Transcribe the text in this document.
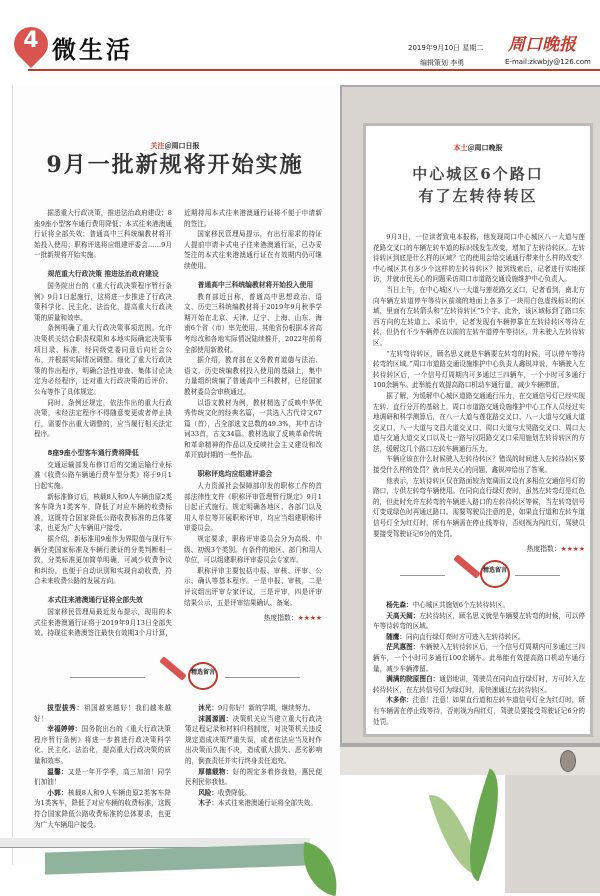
4 微生活	2019年9月10日 星期二 周口晚报
编辑策划 李勇	E-mail:zkwbjy@126.com
关注＠周口日报
9月一批新规将开始实施

据悉重大行政决策，推进法治政府建设；8座9座小型客车通行费用降低；本式往来港澳通行证将全部失效；普通高中三科统编教材将开始投入使用；职称评选将应组建评委会……9月一批新规将开始实施。

规范重大行政决策 推进法治政府建设

国务院出台的《重大行政决策程序暂行条例》9月1日起施行，这将进一步推进了行政决策科学化、民主化、法治化，提高重大行政决策的质量和效率。

条例明确了重大行政决策事项范围。允许决策机关结合职责权限和本地实际确定决策事项目录、标准，经同级党委同意后向社会公布，并根据实际情况调整。细化了重大行政决策的作出程序，明确合法性审查、集体讨论决定为必经程序，还对重大行政决策的后评价、公布等作了具体规定。

同时，条例还规定，依法作出的重大行政决策，未经法定程序不得随意变更或者停止执行，需要作出重大调整的，应当履行相关法定程序。

8座9座小型客车通行费将降低

交通运输部发布修订后的交通运输行业标准《收费公路车辆通行费车型分类》将于9月1日起实施。

新标准修订后，核载8人和9人车辆由原2类客车降为1类客车，降低了对应车辆的收费标准，这既符合国家降低公路收费标准的总体要求，也更为广大车辆用户接受。

据介绍，新标准用9座作为界限值与现行车辆分类国家标准及车辆行驶证的分类判断相一致，分类标准更加简单明确，可减少收费争议和纠纷，也便于自动识别和实现自动收费，符合未来收费公路的发展方向。

本式往来港澳通行证将全部失效

国家移民管理局最近发布提示，现用的本式往来港澳通行证将于2019年9月13日全部失效。持现往来港澳签注最快有效期3个月计算，近期持用本式往来港澳通行证将不便于申请新的签注。

国家移民管理局提示，有出行需求的持证人提前申请卡式电子往来港澳通行证，已办妥签注的本式往来港澳通行证在有效期内仍可继续使用。

普通高中三科统编教材将开始投入使用

教育部近日称，普通高中思想政治、语文、历史三科统编教材将于2019年9月秋季学期开始在北京、天津、辽宁、上海、山东、海南6个省（市）率先使用，其他省份根据本省高考综改和各地实际情况陆续推开，2022年前将全部使用新教材。

据介绍，教育部在义务教育道德与法治、语文、历史统编教材投入使用的基础上，集中力量组织统编了普通高中三科教材，已经国家教材委员会审核通过。

以语文教材为例，教材精选了反映中华优秀传统文化的经典名篇，一共选入古代诗文67篇（首），占全部选文总数的49.3%，其中古诗词33首，古文34篇。教材选取了反映革命传统和革命精神的作品以及反映社会主义建设和改革开放时期的一些作品。

职称评选均应组建评委会

人力资源社会保障部印发的职称工作的首部法律性文件《职称评审管理暂行规定》9月1日起正式施行。规定明确各地区、各部门以及用人单位等开展职称评审，均应当组建职称评审委员会。

规定要求，职称评审委员会分为高级、中级、初级3个类别。有条件的地区、部门和用人单位，可以组建职称评审委员会专家库。

职称评审主要包括申报、审核、评审、公示、确认等基本程序。一是申报、审核，二是评议组出评审专家评议，三是评审，四是评审结果公示，五是评审结果确认、备案。

热度指数：★★★★
精选留言

拔型拔秀：祖国越来越好！我们越来越好！

幸福婷婷：国务院出台的《重大行政决策程序暂行条例》将进一步推进行政决策科学化、民主化、法治化，提高重大行政决策的质量和效率。

温馨：又是一年开学季，高三加油！同学们加油！

小郭：核载8人和9人车辆由原2类客车降为1类客车，降低了对应车辆的收费标准，这既符合国家降低公路收费标准的总体要求，也更为广大车辆用户接受。

沐光：9月你好！新的学期，继续努力。

沫圆源圆：决策机关应当建立重大行政决策过程记录和材料归档制度，对决策机关违反规定造成决策严重失误，或者依法应当及时作出决策而久拖不决，造成重大损失、恶劣影响的，倒查责任并实行终身责任追究。

厚德载物：好的规定多着你我他，惠民便民利民你我他。

风险：收费降低。

木子：本式往来港澳通行证将全部失效。

本土＠周口晚报
中心城区6个路口
有了左转待转区

9月3日，一位读者致电本报称，他发现周口中心城区八一大道与莲花路交叉口的车辆左转车道的标识线发生改变，增加了左转待转区。左转待转区到底是什么样的区域？它的使用会给交通通行带来什么样的改变？中心城区共有多少个这样的左转待转区？接到线索后，记者进行实地探访，并就市民关心的问题采访周口市道路交通设施维护中心负责人。

当日上午，在中心城区八一大道与莲花路交叉口，记者看到，南北方向车辆左转道停车等待区前端的地面上各多了一块用白色虚线标识的区域，里面有左转箭头和“左转待转区”5个字。此外，该区域标到了路口东西方向的左转道上。采访中，记者发现有车辆停靠在左转待转区等待左转，但仍有不少车辆停在以前的左转车道停车等待区，并未驶入左转待转区。

“左转弯待转区，顾名思义就是车辆要左转弯的时候，可以停车等待转弯的区域。”周口市道路交通设施维护中心负责人鑫锐冲说，车辆驶入左转待转区后，一个信号灯周期内可多通过三四辆车，一个小时可多通行100余辆车。此举能有效提高路口机动车通行量，减少车辆滞留。

据了解，为缓解中心城区道路交通通行压力，在交通信号灯已经实现左转、直行分开的基础上，周口市道路交通设施维护中心工作人员经过实地调研和科学测算后，在八一大道与莲花路交叉口、八一大道与交通大道交叉口、八一大道与文昌大道交叉口、周口大道与太昊路交叉口、周口大道与交通大道交叉口以及七一路与汉阳路交叉口采用施划左转待转区的方法，缓解这几个路口左转车辆通行压力。

车辆应该在什么时候驶入左转待转区？错误的时间进入左转待转区要接受什么样的处罚？就市民关心的问题，鑫锐冲给出了答案。

他表示，左转待转区仅在路面较为宽阔而又设有多相位交通信号灯的路口，专供左转弯车辆使用。在同向直行绿灯亮时，虽然左转弯灯是红色的，但此时允许左转弯的车辆进入路口的左转待转区等候，当左转弯信号灯变成绿色时再通过路口。需要驾驶员注意的是，如果直行道和左转车道信号灯全为红灯时，所有车辆需在停止线等待，否则视为闯红灯，驾驶员要接受驾驶证记6分的处罚。

热度指数：★★★★
精选留言

杨先森：中心城区共施划6个左转待转区。

天高天阔：左转待转区，顾名思义就是车辆要左转弯的时候，可以停车等待转弯的区域。

随鹰：同向直行绿灯亮时方可进入左转待转区。

茫风惠图：车辆驶入左转待转区后，一个信号灯周期内可多通过三四辆车，一个小时可多通行100余辆车。此举能有效提高路口机动车通行量，减少车辆滞留。

满满的院原图白：通俗地讲，驾驶员在同向直行绿灯时，方可转入左转待转区，在左转信号灯为绿灯时，需快速通过左转待转区。

木多你：注意！注意！如果直行道和左转车道信号灯全为红灯时，所有车辆需在停止线等待，否则视为闯红灯，驾驶员要接受驾驶证记6分的处罚。
